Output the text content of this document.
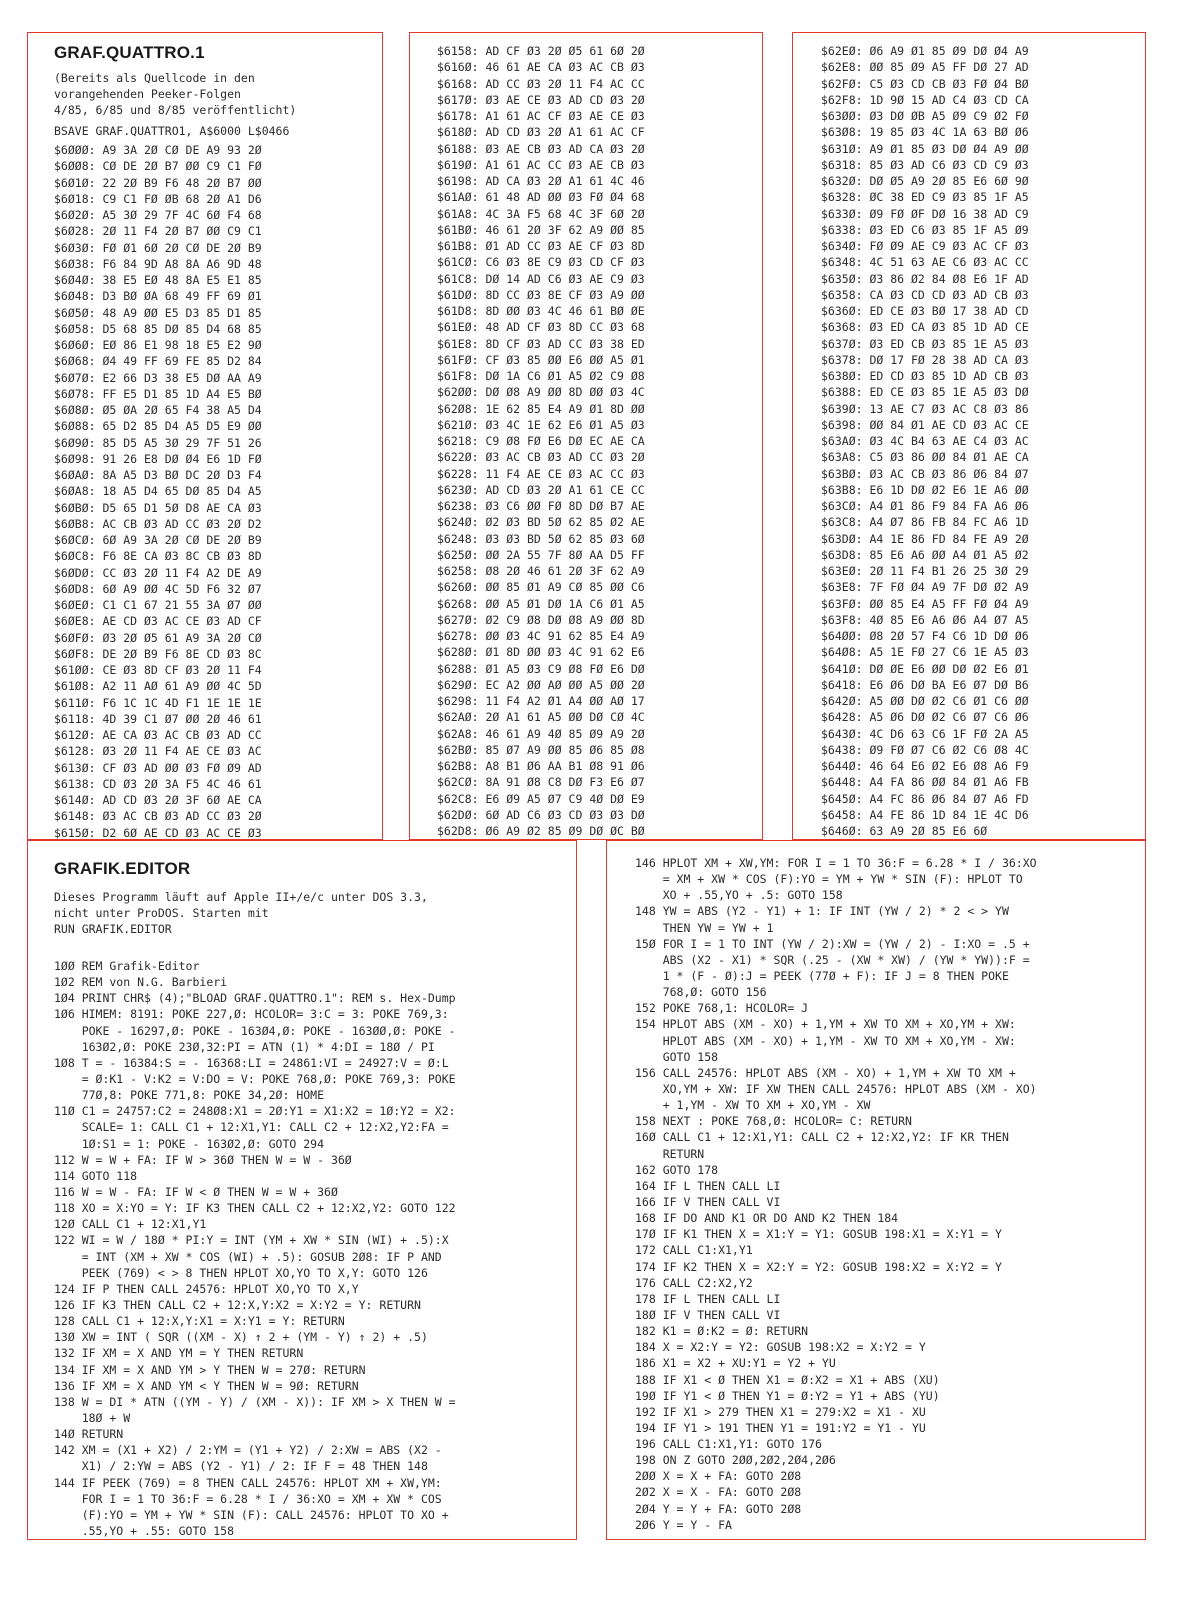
GRAF.QUATTRO.1
(Bereits als Quellcode in den
vorangehenden Peeker-Folgen
4/85, 6/85 und 8/85 veröffentlicht)
BSAVE GRAF.QUATTRO1, A$6000 L$0466
$6ØØØ: A9 3A 2Ø CØ DE A9 93 2Ø
$6ØØ8: CØ DE 2Ø B7 ØØ C9 C1 FØ
$6Ø1Ø: 22 2Ø B9 F6 48 2Ø B7 ØØ
$6Ø18: C9 C1 FØ ØB 68 2Ø A1 D6
$6Ø2Ø: A5 3Ø 29 7F 4C 6Ø F4 68
$6Ø28: 2Ø 11 F4 2Ø B7 ØØ C9 C1
$6Ø3Ø: FØ Ø1 6Ø 2Ø CØ DE 2Ø B9
$6Ø38: F6 84 9D A8 8A A6 9D 48
$6Ø4Ø: 38 E5 EØ 48 8A E5 E1 85
$6Ø48: D3 BØ ØA 68 49 FF 69 Ø1
$6Ø5Ø: 48 A9 ØØ E5 D3 85 D1 85
$6Ø58: D5 68 85 DØ 85 D4 68 85
$6Ø6Ø: EØ 86 E1 98 18 E5 E2 9Ø
$6Ø68: Ø4 49 FF 69 FE 85 D2 84
$6Ø7Ø: E2 66 D3 38 E5 DØ AA A9
$6Ø78: FF E5 D1 85 1D A4 E5 BØ
$6Ø8Ø: Ø5 ØA 2Ø 65 F4 38 A5 D4
$6Ø88: 65 D2 85 D4 A5 D5 E9 ØØ
$6Ø9Ø: 85 D5 A5 3Ø 29 7F 51 26
$6Ø98: 91 26 E8 DØ Ø4 E6 1D FØ
$6ØAØ: 8A A5 D3 BØ DC 2Ø D3 F4
$6ØA8: 18 A5 D4 65 DØ 85 D4 A5
$6ØBØ: D5 65 D1 5Ø D8 AE CA Ø3
$6ØB8: AC CB Ø3 AD CC Ø3 2Ø D2
$6ØCØ: 6Ø A9 3A 2Ø CØ DE 2Ø B9
$6ØC8: F6 8E CA Ø3 8C CB Ø3 8D
$6ØDØ: CC Ø3 2Ø 11 F4 A2 DE A9
$6ØD8: 6Ø A9 ØØ 4C 5D F6 32 Ø7
$6ØEØ: C1 C1 67 21 55 3A Ø7 ØØ
$6ØE8: AE CD Ø3 AC CE Ø3 AD CF
$6ØFØ: Ø3 2Ø Ø5 61 A9 3A 2Ø CØ
$6ØF8: DE 2Ø B9 F6 8E CD Ø3 8C
$61ØØ: CE Ø3 8D CF Ø3 2Ø 11 F4
$61Ø8: A2 11 AØ 61 A9 ØØ 4C 5D
$611Ø: F6 1C 1C 4D F1 1E 1E 1E
$6118: 4D 39 C1 Ø7 ØØ 2Ø 46 61
$612Ø: AE CA Ø3 AC CB Ø3 AD CC
$6128: Ø3 2Ø 11 F4 AE CE Ø3 AC
$613Ø: CF Ø3 AD ØØ Ø3 FØ Ø9 AD
$6138: CD Ø3 2Ø 3A F5 4C 46 61
$614Ø: AD CD Ø3 2Ø 3F 6Ø AE CA
$6148: Ø3 AC CB Ø3 AD CC Ø3 2Ø
$615Ø: D2 6Ø AE CD Ø3 AC CE Ø3
$6158: AD CF Ø3 2Ø Ø5 61 6Ø 2Ø
$616Ø: 46 61 AE CA Ø3 AC CB Ø3
$6168: AD CC Ø3 2Ø 11 F4 AC CC
$617Ø: Ø3 AE CE Ø3 AD CD Ø3 2Ø
$6178: A1 61 AC CF Ø3 AE CE Ø3
$618Ø: AD CD Ø3 2Ø A1 61 AC CF
$6188: Ø3 AE CB Ø3 AD CA Ø3 2Ø
$619Ø: A1 61 AC CC Ø3 AE CB Ø3
$6198: AD CA Ø3 2Ø A1 61 4C 46
$61AØ: 61 48 AD ØØ Ø3 FØ Ø4 68
$61A8: 4C 3A F5 68 4C 3F 6Ø 2Ø
$61BØ: 46 61 2Ø 3F 62 A9 ØØ 85
$61B8: Ø1 AD CC Ø3 AE CF Ø3 8D
$61CØ: C6 Ø3 8E C9 Ø3 CD CF Ø3
$61C8: DØ 14 AD C6 Ø3 AE C9 Ø3
$61DØ: 8D CC Ø3 8E CF Ø3 A9 ØØ
$61D8: 8D ØØ Ø3 4C 46 61 BØ ØE
$61EØ: 48 AD CF Ø3 8D CC Ø3 68
$61E8: 8D CF Ø3 AD CC Ø3 38 ED
$61FØ: CF Ø3 85 ØØ E6 ØØ A5 Ø1
$61F8: DØ 1A C6 Ø1 A5 Ø2 C9 Ø8
$62ØØ: DØ Ø8 A9 ØØ 8D ØØ Ø3 4C
$62Ø8: 1E 62 85 E4 A9 Ø1 8D ØØ
$621Ø: Ø3 4C 1E 62 E6 Ø1 A5 Ø3
$6218: C9 Ø8 FØ E6 DØ EC AE CA
$622Ø: Ø3 AC CB Ø3 AD CC Ø3 2Ø
$6228: 11 F4 AE CE Ø3 AC CC Ø3
$623Ø: AD CD Ø3 2Ø A1 61 CE CC
$6238: Ø3 C6 ØØ FØ 8D DØ B7 AE
$624Ø: Ø2 Ø3 BD 5Ø 62 85 Ø2 AE
$6248: Ø3 Ø3 BD 5Ø 62 85 Ø3 6Ø
$625Ø: ØØ 2A 55 7F 8Ø AA D5 FF
$6258: Ø8 2Ø 46 61 2Ø 3F 62 A9
$626Ø: ØØ 85 Ø1 A9 CØ 85 ØØ C6
$6268: ØØ A5 Ø1 DØ 1A C6 Ø1 A5
$627Ø: Ø2 C9 Ø8 DØ Ø8 A9 ØØ 8D
$6278: ØØ Ø3 4C 91 62 85 E4 A9
$628Ø: Ø1 8D ØØ Ø3 4C 91 62 E6
$6288: Ø1 A5 Ø3 C9 Ø8 FØ E6 DØ
$629Ø: EC A2 ØØ AØ ØØ A5 ØØ 2Ø
$6298: 11 F4 A2 Ø1 A4 ØØ AØ 17
$62AØ: 2Ø A1 61 A5 ØØ DØ CØ 4C
$62A8: 46 61 A9 4Ø 85 Ø9 A9 2Ø
$62BØ: 85 Ø7 A9 ØØ 85 Ø6 85 Ø8
$62B8: A8 B1 Ø6 AA B1 Ø8 91 Ø6
$62CØ: 8A 91 Ø8 C8 DØ F3 E6 Ø7
$62C8: E6 Ø9 A5 Ø7 C9 4Ø DØ E9
$62DØ: 6Ø AD C6 Ø3 CD Ø3 Ø3 DØ
$62D8: Ø6 A9 Ø2 85 Ø9 DØ ØC BØ
$62EØ: Ø6 A9 Ø1 85 Ø9 DØ Ø4 A9
$62E8: ØØ 85 Ø9 A5 FF DØ 27 AD
$62FØ: C5 Ø3 CD CB Ø3 FØ Ø4 BØ
$62F8: 1D 9Ø 15 AD C4 Ø3 CD CA
$63ØØ: Ø3 DØ ØB A5 Ø9 C9 Ø2 FØ
$63Ø8: 19 85 Ø3 4C 1A 63 BØ Ø6
$631Ø: A9 Ø1 85 Ø3 DØ Ø4 A9 ØØ
$6318: 85 Ø3 AD C6 Ø3 CD C9 Ø3
$632Ø: DØ Ø5 A9 2Ø 85 E6 6Ø 9Ø
$6328: ØC 38 ED C9 Ø3 85 1F A5
$633Ø: Ø9 FØ ØF DØ 16 38 AD C9
$6338: Ø3 ED C6 Ø3 85 1F A5 Ø9
$634Ø: FØ Ø9 AE C9 Ø3 AC CF Ø3
$6348: 4C 51 63 AE C6 Ø3 AC CC
$635Ø: Ø3 86 Ø2 84 Ø8 E6 1F AD
$6358: CA Ø3 CD CD Ø3 AD CB Ø3
$636Ø: ED CE Ø3 BØ 17 38 AD CD
$6368: Ø3 ED CA Ø3 85 1D AD CE
$637Ø: Ø3 ED CB Ø3 85 1E A5 Ø3
$6378: DØ 17 FØ 28 38 AD CA Ø3
$638Ø: ED CD Ø3 85 1D AD CB Ø3
$6388: ED CE Ø3 85 1E A5 Ø3 DØ
$639Ø: 13 AE C7 Ø3 AC C8 Ø3 86
$6398: ØØ 84 Ø1 AE CD Ø3 AC CE
$63AØ: Ø3 4C B4 63 AE C4 Ø3 AC
$63A8: C5 Ø3 86 ØØ 84 Ø1 AE CA
$63BØ: Ø3 AC CB Ø3 86 Ø6 84 Ø7
$63B8: E6 1D DØ Ø2 E6 1E A6 ØØ
$63CØ: A4 Ø1 86 F9 84 FA A6 Ø6
$63C8: A4 Ø7 86 FB 84 FC A6 1D
$63DØ: A4 1E 86 FD 84 FE A9 2Ø
$63D8: 85 E6 A6 ØØ A4 Ø1 A5 Ø2
$63EØ: 2Ø 11 F4 B1 26 25 3Ø 29
$63E8: 7F FØ Ø4 A9 7F DØ Ø2 A9
$63FØ: ØØ 85 E4 A5 FF FØ Ø4 A9
$63F8: 4Ø 85 E6 A6 Ø6 A4 Ø7 A5
$64ØØ: Ø8 2Ø 57 F4 C6 1D DØ Ø6
$64Ø8: A5 1E FØ 27 C6 1E A5 Ø3
$641Ø: DØ ØE E6 ØØ DØ Ø2 E6 Ø1
$6418: E6 Ø6 DØ BA E6 Ø7 DØ B6
$642Ø: A5 ØØ DØ Ø2 C6 Ø1 C6 ØØ
$6428: A5 Ø6 DØ Ø2 C6 Ø7 C6 Ø6
$643Ø: 4C D6 63 C6 1F FØ 2A A5
$6438: Ø9 FØ Ø7 C6 Ø2 C6 Ø8 4C
$644Ø: 46 64 E6 Ø2 E6 Ø8 A6 F9
$6448: A4 FA 86 ØØ 84 Ø1 A6 FB
$645Ø: A4 FC 86 Ø6 84 Ø7 A6 FD
$6458: A4 FE 86 1D 84 1E 4C D6
$646Ø: 63 A9 2Ø 85 E6 6Ø
GRAFIK.EDITOR
Dieses Programm läuft auf Apple II+/e/c unter DOS 3.3,
nicht unter ProDOS. Starten mit
RUN GRAFIK.EDITOR
1ØØ REM Grafik-Editor
1Ø2 REM von N.G. Barbieri
1Ø4 PRINT CHR$ (4);"BLOAD GRAF.QUATTRO.1": REM s. Hex-Dump
1Ø6 HIMEM: 8191: POKE 227,Ø: HCOLOR= 3:C = 3: POKE 769,3:
POKE - 16297,Ø: POKE - 163Ø4,Ø: POKE - 163ØØ,Ø: POKE -
163Ø2,Ø: POKE 23Ø,32:PI = ATN (1) * 4:DI = 18Ø / PI
1Ø8 T = - 16384:S = - 16368:LI = 24861:VI = 24927:V = Ø:L
= Ø:K1 - V:K2 = V:DO = V: POKE 768,Ø: POKE 769,3: POKE
77Ø,8: POKE 771,8: POKE 34,2Ø: HOME
11Ø C1 = 24757:C2 = 248Ø8:X1 = 2Ø:Y1 = X1:X2 = 1Ø:Y2 = X2:
SCALE= 1: CALL C1 + 12:X1,Y1: CALL C2 + 12:X2,Y2:FA =
1Ø:S1 = 1: POKE - 163Ø2,Ø: GOTO 294
112 W = W + FA: IF W > 36Ø THEN W = W - 36Ø
114 GOTO 118
116 W = W - FA: IF W < Ø THEN W = W + 36Ø
118 XO = X:YO = Y: IF K3 THEN CALL C2 + 12:X2,Y2: GOTO 122
12Ø CALL C1 + 12:X1,Y1
122 WI = W / 18Ø * PI:Y = INT (YM + XW * SIN (WI) + .5):X
= INT (XM + XW * COS (WI) + .5): GOSUB 2Ø8: IF P AND
PEEK (769) < > 8 THEN HPLOT XO,YO TO X,Y: GOTO 126
124 IF P THEN CALL 24576: HPLOT XO,YO TO X,Y
126 IF K3 THEN CALL C2 + 12:X,Y:X2 = X:Y2 = Y: RETURN
128 CALL C1 + 12:X,Y:X1 = X:Y1 = Y: RETURN
13Ø XW = INT ( SQR ((XM - X) ↑ 2 + (YM - Y) ↑ 2) + .5)
132 IF XM = X AND YM = Y THEN RETURN
134 IF XM = X AND YM > Y THEN W = 27Ø: RETURN
136 IF XM = X AND YM < Y THEN W = 9Ø: RETURN
138 W = DI * ATN ((YM - Y) / (XM - X)): IF XM > X THEN W =
18Ø + W
14Ø RETURN
142 XM = (X1 + X2) / 2:YM = (Y1 + Y2) / 2:XW = ABS (X2 -
X1) / 2:YW = ABS (Y2 - Y1) / 2: IF F = 48 THEN 148
144 IF PEEK (769) = 8 THEN CALL 24576: HPLOT XM + XW,YM:
FOR I = 1 TO 36:F = 6.28 * I / 36:XO = XM + XW * COS
(F):YO = YM + YW * SIN (F): CALL 24576: HPLOT TO XO +
.55,YO + .55: GOTO 158
146 HPLOT XM + XW,YM: FOR I = 1 TO 36:F = 6.28 * I / 36:XO
= XM + XW * COS (F):YO = YM + YW * SIN (F): HPLOT TO
XO + .55,YO + .5: GOTO 158
148 YW = ABS (Y2 - Y1) + 1: IF INT (YW / 2) * 2 < > YW
THEN YW = YW + 1
15Ø FOR I = 1 TO INT (YW / 2):XW = (YW / 2) - I:XO = .5 +
ABS (X2 - X1) * SQR (.25 - (XW * XW) / (YW * YW)):F =
1 * (F - Ø):J = PEEK (77Ø + F): IF J = 8 THEN POKE
768,Ø: GOTO 156
152 POKE 768,1: HCOLOR= J
154 HPLOT ABS (XM - XO) + 1,YM + XW TO XM + XO,YM + XW:
HPLOT ABS (XM - XO) + 1,YM - XW TO XM + XO,YM - XW:
GOTO 158
156 CALL 24576: HPLOT ABS (XM - XO) + 1,YM + XW TO XM +
XO,YM + XW: IF XW THEN CALL 24576: HPLOT ABS (XM - XO)
+ 1,YM - XW TO XM + XO,YM - XW
158 NEXT : POKE 768,Ø: HCOLOR= C: RETURN
16Ø CALL C1 + 12:X1,Y1: CALL C2 + 12:X2,Y2: IF KR THEN
RETURN
162 GOTO 178
164 IF L THEN CALL LI
166 IF V THEN CALL VI
168 IF DO AND K1 OR DO AND K2 THEN 184
17Ø IF K1 THEN X = X1:Y = Y1: GOSUB 198:X1 = X:Y1 = Y
172 CALL C1:X1,Y1
174 IF K2 THEN X = X2:Y = Y2: GOSUB 198:X2 = X:Y2 = Y
176 CALL C2:X2,Y2
178 IF L THEN CALL LI
18Ø IF V THEN CALL VI
182 K1 = Ø:K2 = Ø: RETURN
184 X = X2:Y = Y2: GOSUB 198:X2 = X:Y2 = Y
186 X1 = X2 + XU:Y1 = Y2 + YU
188 IF X1 < Ø THEN X1 = Ø:X2 = X1 + ABS (XU)
19Ø IF Y1 < Ø THEN Y1 = Ø:Y2 = Y1 + ABS (YU)
192 IF X1 > 279 THEN X1 = 279:X2 = X1 - XU
194 IF Y1 > 191 THEN Y1 = 191:Y2 = Y1 - YU
196 CALL C1:X1,Y1: GOTO 176
198 ON Z GOTO 2ØØ,2Ø2,2Ø4,2Ø6
2ØØ X = X + FA: GOTO 2Ø8
2Ø2 X = X - FA: GOTO 2Ø8
2Ø4 Y = Y + FA: GOTO 2Ø8
2Ø6 Y = Y - FA
